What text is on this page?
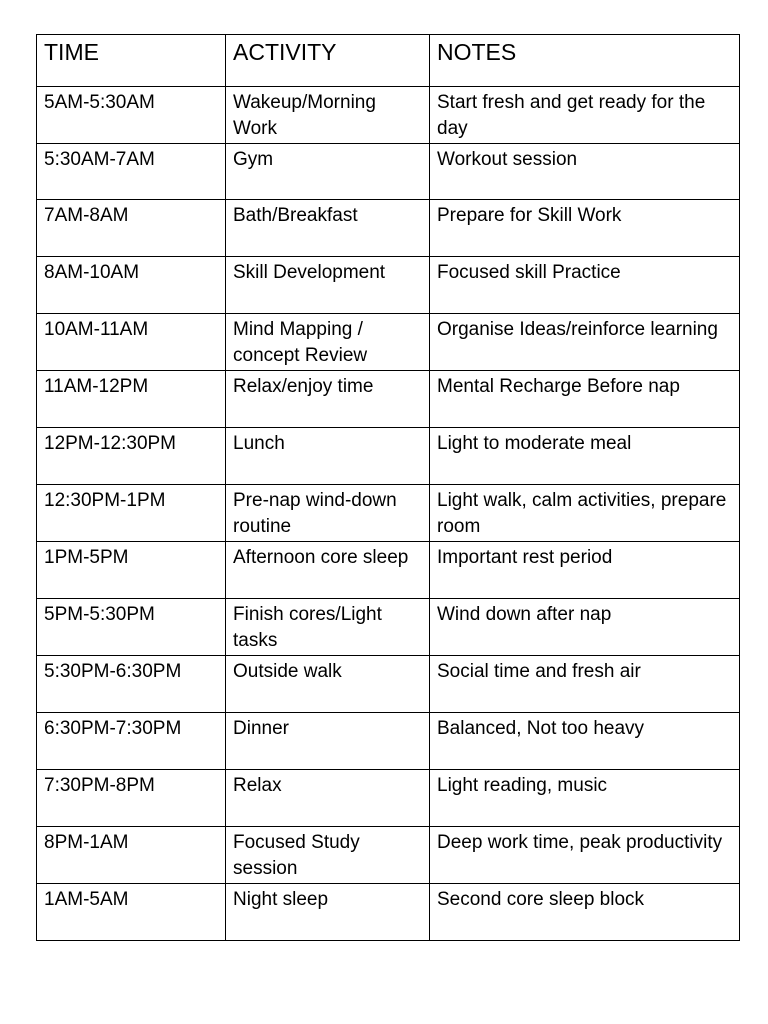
TIME	ACTIVITY	NOTES
5AM-5:30AM	Wakeup/Morning Work	Start fresh and get ready for the day
5:30AM-7AM	Gym	Workout session
7AM-8AM	Bath/Breakfast	Prepare for Skill Work
8AM-10AM	Skill Development	Focused skill Practice
10AM-11AM	Mind Mapping / concept Review	Organise Ideas/reinforce learning
11AM-12PM	Relax/enjoy time	Mental Recharge Before nap
12PM-12:30PM	Lunch	Light to moderate meal
12:30PM-1PM	Pre-nap wind-down routine	Light walk, calm activities, prepare room
1PM-5PM	Afternoon core sleep	Important rest period
5PM-5:30PM	Finish cores/Light tasks	Wind down after nap
5:30PM-6:30PM	Outside walk	Social time and fresh air
6:30PM-7:30PM	Dinner	Balanced, Not too heavy
7:30PM-8PM	Relax	Light reading, music
8PM-1AM	Focused Study session	Deep work time, peak productivity
1AM-5AM	Night sleep	Second core sleep block
